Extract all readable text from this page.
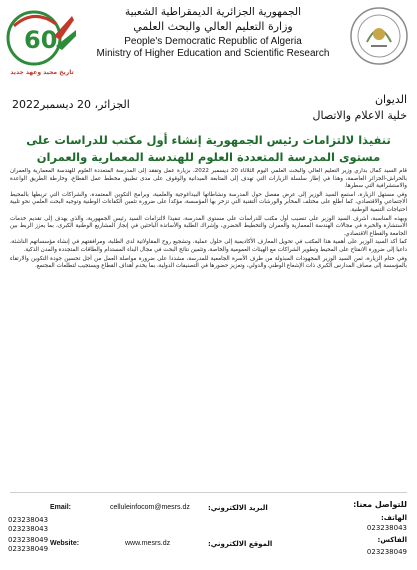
60
تاريخ مجيد وعهد جديد
الجمهورية الجزائرية الديمقراطية الشعبية
وزارة التعليم العالي والبحث العلمي
People's Democratic Republic of Algeria
Ministry of Higher Education and Scientific Research
الديوان
خلية الاعلام والاتصال
الجزائر، 20 ديسمبر2022
تنفيذا لالتزامات رئيس الجمهورية إنشاء أول مكتب للدراسات على
مستوى المدرسة المتعددة العلوم للهندسة المعمارية والعمران

قام السيد كمال بداري وزير التعليم العالي والبحث العلمي اليوم الثلاثاء 20 ديسمبر 2022، بزيارة عمل وتفقد إلى المدرسة المتعددة العلوم للهندسة المعمارية والعمران بالحراش-الجزائر العاصمة، وهذا في إطار سلسلة الزيارات التي تهدف إلى المتابعة الميدانية والوقوف على مدى تطبيق مخطط عمل القطاع، وخارطة الطريق الواعدة والاستشرافية التي سطرها.

وفي مستهل الزيارة، استمع السيد الوزير إلى عرض مفصل حول المدرسة ونشاطاتها البيداغوجية والعلمية، وبرامج التكوين المعتمدة، والشراكات التي تربطها بالمحيط الاجتماعي والاقتصادي، كما اطلع على مختلف المخابر والورشات التقنية التي تزخر بها المؤسسة، مؤكدا على ضرورة تثمين الكفاءات الوطنية وتوجيه البحث العلمي نحو تلبية احتياجات التنمية الوطنية.

وبهذه المناسبة، أشرف السيد الوزير على تنصيب أول مكتب للدراسات على مستوى المدرسة، تنفيذا لالتزامات السيد رئيس الجمهورية، والذي يهدف إلى تقديم خدمات الاستشارة والخبرة في مجالات الهندسة المعمارية والعمران والتخطيط الحضري، وإشراك الطلبة والأساتذة الباحثين في إنجاز المشاريع الوطنية الكبرى، بما يعزز الربط بين الجامعة والقطاع الاقتصادي.

كما أكد السيد الوزير على أهمية هذا المكتب في تحويل المعارف الأكاديمية إلى حلول عملية، وتشجيع روح المقاولاتية لدى الطلبة، ومرافقتهم في إنشاء مؤسساتهم الناشئة، داعيا إلى ضرورة الانفتاح على المحيط وتطوير الشراكات مع الهيئات العمومية والخاصة، وتثمين نتائج البحث في مجال البناء المستدام والطاقات المتجددة والمدن الذكية.

وفي ختام الزيارة، ثمن السيد الوزير المجهودات المبذولة من طرف الأسرة الجامعية للمدرسة، مشددا على ضرورة مواصلة العمل من أجل تحسين جودة التكوين والارتقاء بالمؤسسة إلى مصاف المدارس الكبرى ذات الإشعاع الوطني والدولي، وتعزيز حضورها في التصنيفات الدولية، بما يخدم أهداف القطاع ويستجيب لتطلعات المجتمع.

للتواصل معنا:
الهاتف:
023238043
الفاكس:
023238049
البريد الالكتروني:
celluleinfocom@mesrs.dz
Email:
الموقع الالكتروني:
www.mesrs.dz
Website:
023238043
023238043
023238049
023238049
